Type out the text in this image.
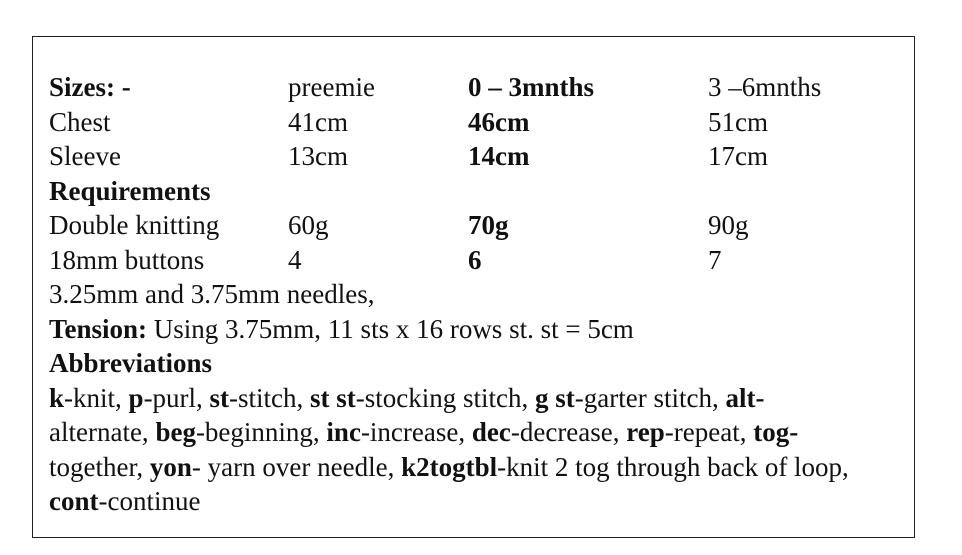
Sizes: -	preemie	0 – 3mnths	3 –6mnths
Chest	41cm	46cm	51cm
Sleeve	13cm	14cm	17cm
Requirements
Double knitting	60g	70g	90g
18mm buttons	4	6	7
3.25mm and 3.75mm needles,
Tension: Using 3.75mm, 11 sts x 16 rows st. st = 5cm
Abbreviations
k-knit, p-purl, st-stitch, st st-stocking stitch, g st-garter stitch, alt-
alternate, beg-beginning, inc-increase, dec-decrease, rep-repeat, tog-
together, yon- yarn over needle, k2togtbl-knit 2 tog through back of loop, cont-continue
